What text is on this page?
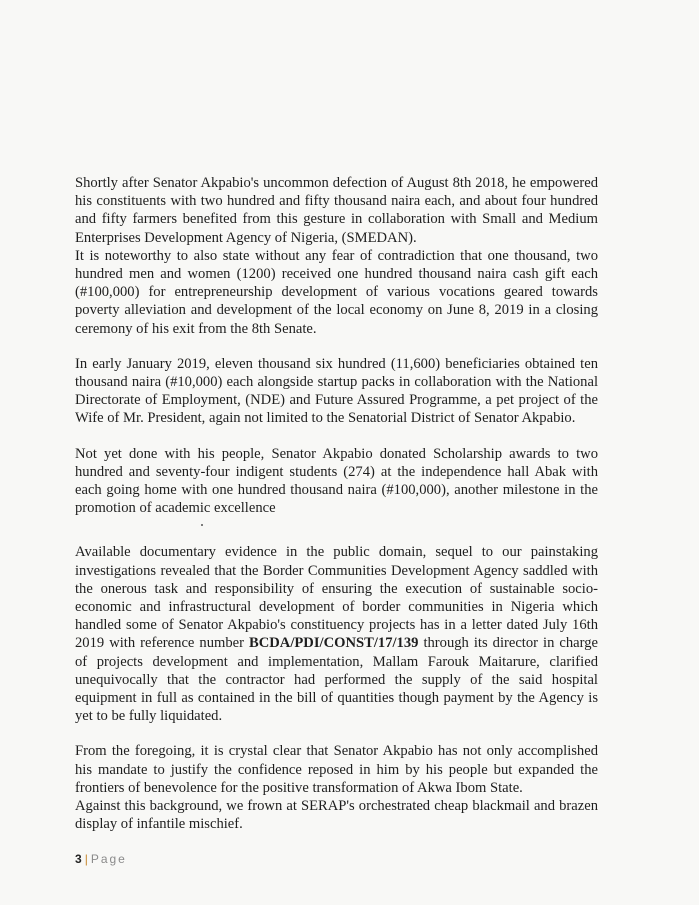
Shortly after Senator Akpabio's uncommon defection of August 8th 2018, he empowered his constituents with two hundred and fifty thousand naira each, and about four hundred and fifty farmers benefited from this gesture in collaboration with Small and Medium Enterprises Development Agency of Nigeria, (SMEDAN).

It is noteworthy to also state without any fear of contradiction that one thousand, two hundred men and women (1200) received one hundred thousand naira cash gift each (#100,000) for entrepreneurship development of various vocations geared towards poverty alleviation and development of the local economy on June 8, 2019 in a closing ceremony of his exit from the 8th Senate.

In early January 2019, eleven thousand six hundred (11,600) beneficiaries obtained ten thousand naira (#10,000) each alongside startup packs in collaboration with the National Directorate of Employment, (NDE) and Future Assured Programme, a pet project of the Wife of Mr. President, again not limited to the Senatorial District of Senator Akpabio.

Not yet done with his people, Senator Akpabio donated Scholarship awards to two hundred and seventy-four indigent students (274) at the independence hall Abak with each going home with one hundred thousand naira (#100,000), another milestone in the promotion of academic excellence

Available documentary evidence in the public domain, sequel to our painstaking investigations revealed that the Border Communities Development Agency saddled with the onerous task and responsibility of ensuring the execution of sustainable socio-economic and infrastructural development of border communities in Nigeria which handled some of Senator Akpabio's constituency projects has in a letter dated July 16th 2019 with reference number BCDA/PDI/CONST/17/139 through its director in charge of projects development and implementation, Mallam Farouk Maitarure, clarified unequivocally that the contractor had performed the supply of the said hospital equipment in full as contained in the bill of quantities though payment by the Agency is yet to be fully liquidated.

From the foregoing, it is crystal clear that Senator Akpabio has not only accomplished his mandate to justify the confidence reposed in him by his people but expanded the frontiers of benevolence for the positive transformation of Akwa Ibom State.

Against this background, we frown at SERAP's orchestrated cheap blackmail and brazen display of infantile mischief.

3 | Page
